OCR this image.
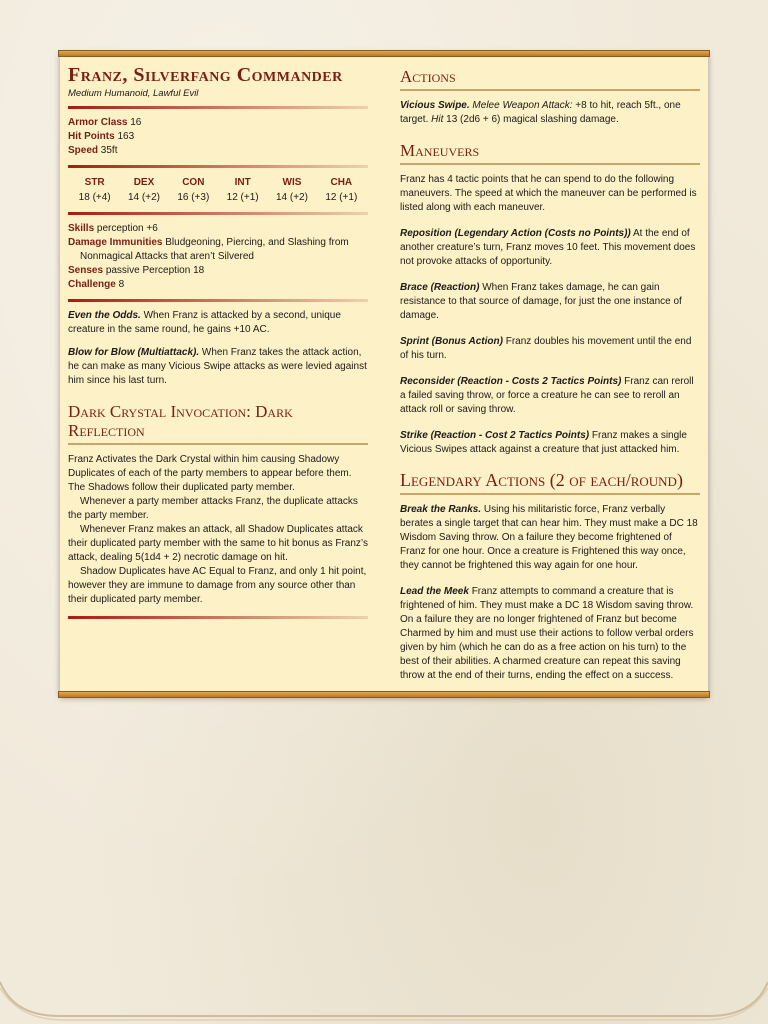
Franz, Silverfang Commander
Medium Humanoid, Lawful Evil
Armor Class 16
Hit Points 163
Speed 35ft
STR
18 (+4)
DEX
14 (+2)
CON
16 (+3)
INT
12 (+1)
WIS
14 (+2)
CHA
12 (+1)
Skills perception +6
Damage Immunities Bludgeoning, Piercing, and Slashing from Nonmagical Attacks that aren’t Silvered
Senses passive Perception 18
Challenge 8

Even the Odds. When Franz is attacked by a second, unique creature in the same round, he gains +10 AC.

Blow for Blow (Multiattack). When Franz takes the attack action, he can make as many Vicious Swipe attacks as were levied against him since his last turn.

Dark Crystal Invocation: Dark Reflection

Franz Activates the Dark Crystal within him causing Shadowy Duplicates of each of the party members to appear before them. The Shadows follow their duplicated party member.

Whenever a party member attacks Franz, the duplicate attacks the party member.

Whenever Franz makes an attack, all Shadow Duplicates attack their duplicated party member with the same to hit bonus as Franz’s attack, dealing 5(1d4 + 2) necrotic damage on hit.

Shadow Duplicates have AC Equal to Franz, and only 1 hit point, however they are immune to damage from any source other than their duplicated party member.

Actions

Vicious Swipe. Melee Weapon Attack: +8 to hit, reach 5ft., one target. Hit 13 (2d6 + 6) magical slashing damage.

Maneuvers

Franz has 4 tactic points that he can spend to do the following maneuvers. The speed at which the maneuver can be performed is listed along with each maneuver.

Reposition (Legendary Action (Costs no Points)) At the end of another creature’s turn, Franz moves 10 feet. This movement does not provoke attacks of opportunity.

Brace (Reaction) When Franz takes damage, he can gain resistance to that source of damage, for just the one instance of damage.

Sprint (Bonus Action) Franz doubles his movement until the end of his turn.

Reconsider (Reaction - Costs 2 Tactics Points) Franz can reroll a failed saving throw, or force a creature he can see to reroll an attack roll or saving throw.

Strike (Reaction - Cost 2 Tactics Points) Franz makes a single Vicious Swipes attack against a creature that just attacked him.

Legendary Actions (2 of each/round)

Break the Ranks. Using his militaristic force, Franz verbally berates a single target that can hear him. They must make a DC 18 Wisdom Saving throw. On a failure they become frightened of Franz for one hour. Once a creature is Frightened this way once, they cannot be frightened this way again for one hour.

Lead the Meek Franz attempts to command a creature that is frightened of him. They must make a DC 18 Wisdom saving throw. On a failure they are no longer frightened of Franz but become Charmed by him and must use their actions to follow verbal orders given by him (which he can do as a free action on his turn) to the best of their abilities. A charmed creature can repeat this saving throw at the end of their turns, ending the effect on a success.
